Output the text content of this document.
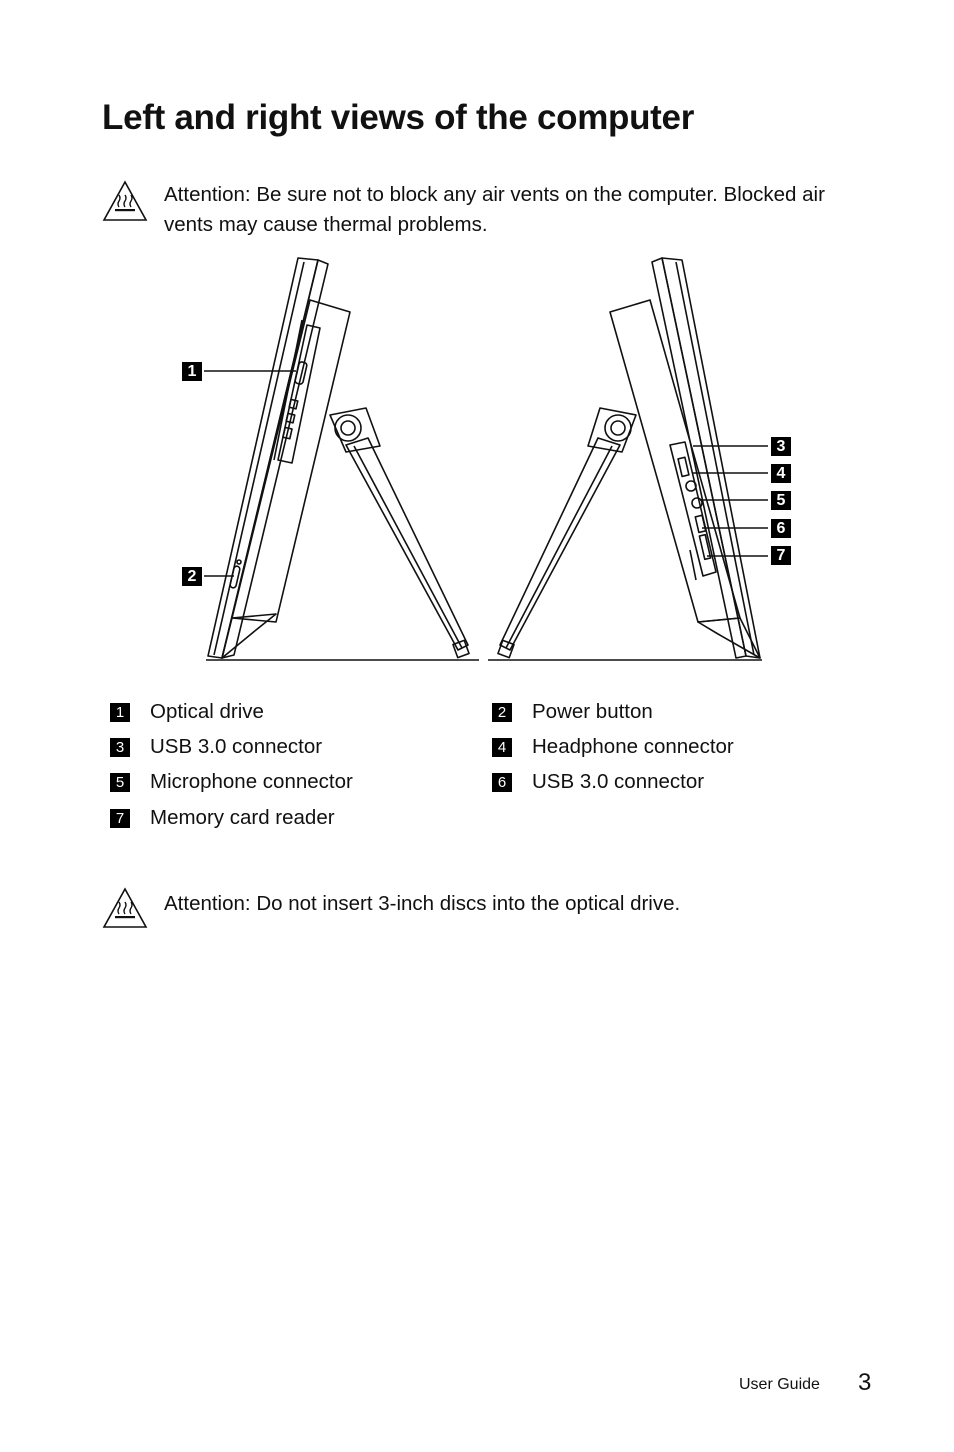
Left and right views of the computer
Attention: Be sure not to block any air vents on the computer. Blocked air vents may cause thermal problems.
1
2
3
4
5
6
7
1 Optical drive	2 Power button
3 USB 3.0 connector	4 Headphone connector
5 Microphone connector	6 USB 3.0 connector
7 Memory card reader
Attention: Do not insert 3-inch discs into the optical drive.
User Guide 3
